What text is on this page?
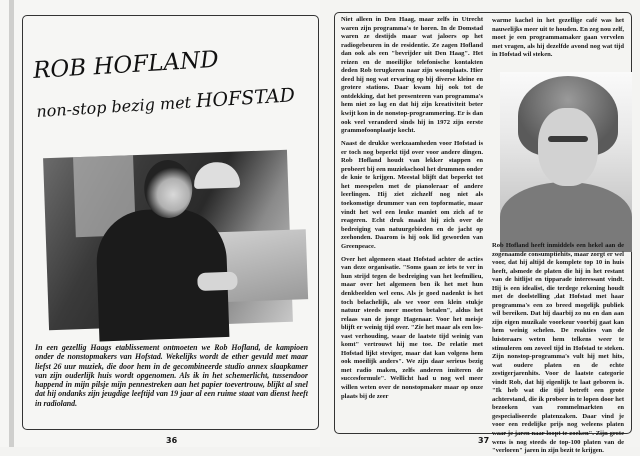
ROB HOFLAND
non-stop bezig met HOFSTAD
In een gezellig Haags etablissement ontmoeten we Rob Hofland, de kampioen onder de nonstopmakers van Hofstad. Wekelijks wordt de ether gevuld met maar liefst 26 uur muziek, die door hem in de gecombineerde studio annex slaapkamer van zijn ouderlijk huis wordt opgenomen. Als ik in het schemerlicht, tussendoor happend in mijn pilsje mijn pennestreken aan het papier toevertrouw, blijkt al snel dat hij ondanks zijn jeugdige leeftijd van 19 jaar al een ruime staat van dienst heeft in radioland.
36

Niet alleen in Den Haag, maar zelfs in Utrecht waren zijn programma's te horen. In de Domstad waren ze destijds maar wat jaloers op het radiogebeuren in de residentie. Ze zagen Hofland dan ook als een "bevrijder uit Den Haag". Het reizen en de moeilijke telefonische kontakten deden Rob terugkeren naar zijn woonplaats. Hier deed hij nog wat ervaring op bij diverse kleine en grotere stations. Daar kwam hij ook tot de ontdekking, dat het presenteren van programma's hem niet zo lag en dat hij zijn kreativiteit beter kwijt kon in de nonstop-programmering. Er is dan ook veel veranderd sinds hij in 1972 zijn eerste grammofoonplaatje kocht.

Naast de drukke werkzaamheden voor Hofstad is er toch nog beperkt tijd over voor andere dingen. Rob Hofland houdt van lekker stappen en probeert bij een muziekschool het drummen onder de knie te krijgen. Meestal blijft dat beperkt tot het meespelen met de pianoleraar of andere leerlingen. Hij ziet zichzelf nog niet als toekomstige drummer van een topformatie, maar vindt het wel een leuke maniet om zich af te reageren. Echt druk maakt hij zich over de bedreiging van natuurgebieden en de jacht op zeehonden. Daarom is hij ook lid geworden van Greenpeace.

Over het algemeen staat Hofstad achter de acties van deze organisatie. "Soms gaan ze iets te ver in hun strijd tegen de bedreiging van het leefmilieu, maar over het algemeen ben ik het met hun denkbeelden wel eens. Als je goed nadenkt is het toch belachelijk, als we voor een klein stukje natuur steeds meer moeten betalen", aldus het relaas van de jonge Hagenaar. Voor het meisje blijft er weinig tijd over. "Zie het maar als een los-vast verhouding, waar de laatste tijd weinig van komt" vertrouwt hij me toe. De relatie met Hofstad lijkt steviger, maar dat kan volgens hem ook moeilijk anders". We zijn daar serieus bezig met radio maken, zelfs anderen imiteren de succesformule". Wellicht had u nog wel meer willen weten over de nonstopmaker maar op onze plaats bij de zeer

warme kachel in het gezellige café was het nauwelijks meer uit te houden. En zeg nou zelf, moet je een programmamaker gaan vervelen met vragen, als hij dezelfde avond nog wat tijd in Hofstad wil steken.
Rob Hofland heeft inmiddels een hekel aan de zogenaamde consumptiehits, maar zorgt er wel voor, dat hij altijd de komplete top 10 in huis heeft, alsmede de platen die hij in het restant van de hitlijst en tipparade interessant vindt. Hij is een idealist, die terdege rekening houdt met de doelstelling ,dat Hofstad met haar programma's een zo breed mogelijk publiek wil bereiken. Dat hij daarbij zo nu en dan aan zijn eigen muzikale voorkeur voorbij gaat kan hem weinig schelen. De reakties van de luisteraars weten hem telkens weer te stimuleren om zoveel tijd in Hofstad te steken. Zijn nonstop-programma's vult hij met hits, wat oudere platen en de echte zestigerjarenhits. Voor de laatste categorie vindt Rob, dat hij eigenlijk te laat geboren is. "Ik heb wat die tijd betreft een grote achterstand, die ik probeer in te lopen door het bezoeken van rommelmarkten en gespecialiseerde platenzaken. Daar vind je voor een redelijke prijs nog weleens platen waar je jaren naar loopt te zoeken". Zijn grote wens is nog steeds de top-100 platen van de "verloren" jaren in zijn bezit te krijgen.
37
